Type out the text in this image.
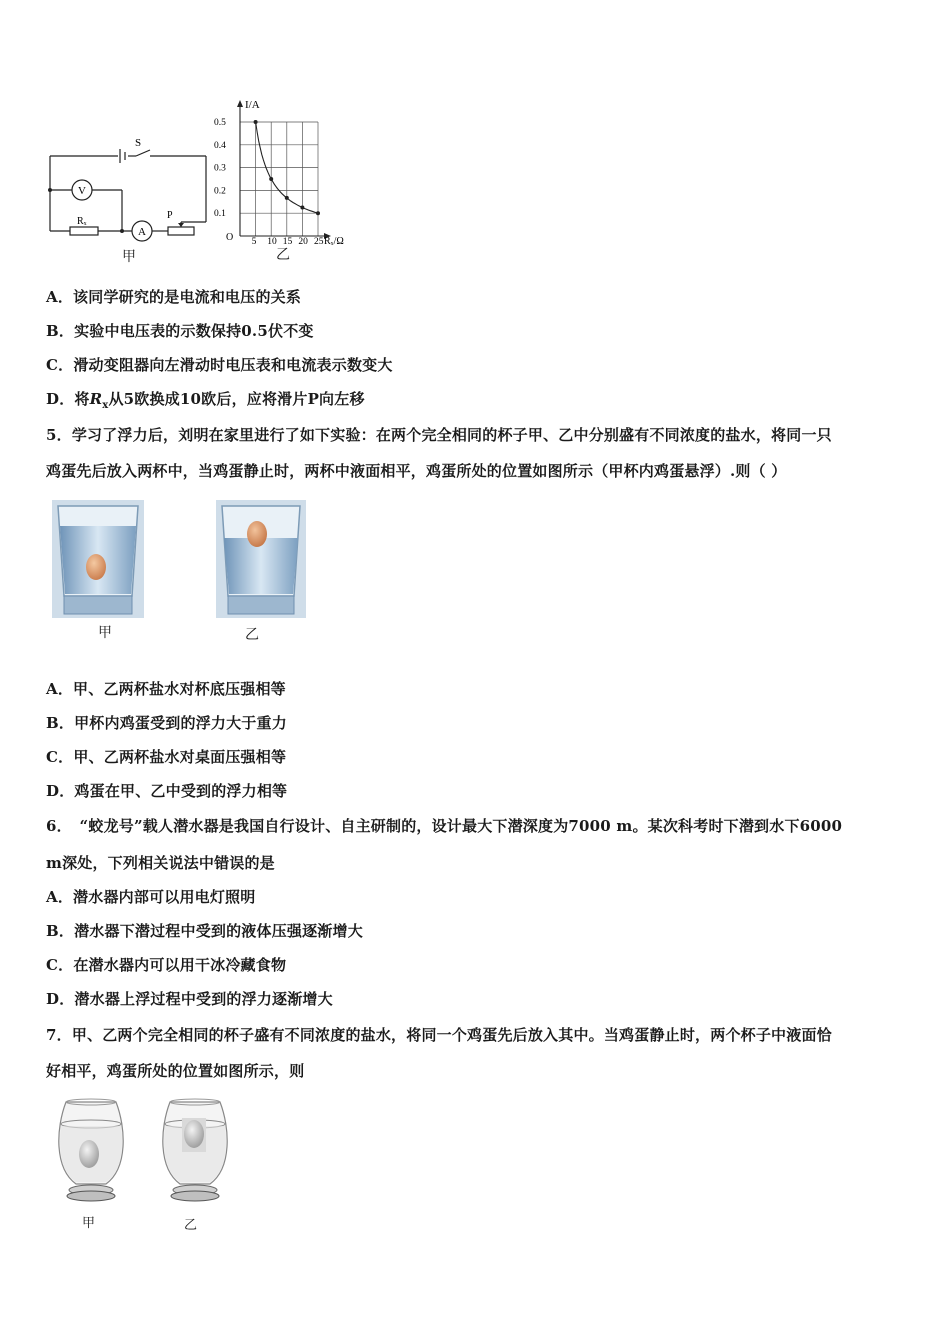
S
V
Rₓ
A
P
甲
0.5
0.4
0.3
0.2
0.1
5 10 15 20 25
I/A
Rₓ/Ω
O
乙
A．该同学研究的是电流和电压的关系
B．实验中电压表的示数保持0.5伏不变
C．滑动变阻器向左滑动时电压表和电流表示数变大
D．将$R_x$从5欧换成10欧后，应将滑片P向左移
5．学习了浮力后，刘明在家里进行了如下实验：在两个完全相同的杯子甲、乙中分别盛有不同浓度的盐水，将同一只
鸡蛋先后放入两杯中，当鸡蛋静止时，两杯中液面相平，鸡蛋所处的位置如图所示（甲杯内鸡蛋悬浮）.则（ ）
甲	乙
A．甲、乙两杯盐水对杯底压强相等
B．甲杯内鸡蛋受到的浮力大于重力
C．甲、乙两杯盐水对桌面压强相等
D．鸡蛋在甲、乙中受到的浮力相等
6．　“蛟龙号”载人潜水器是我国自行设计、自主研制的，设计最大下潜深度为7000 m。某次科考时下潜到水下6000
m深处，下列相关说法中错误的是
A．潜水器内部可以用电灯照明
B．潜水器下潜过程中受到的液体压强逐渐增大
C．在潜水器内可以用干冰冷藏食物
D．潜水器上浮过程中受到的浮力逐渐增大
7．甲、乙两个完全相同的杯子盛有不同浓度的盐水，将同一个鸡蛋先后放入其中。当鸡蛋静止时，两个杯子中液面恰
好相平，鸡蛋所处的位置如图所示，则
甲	乙
